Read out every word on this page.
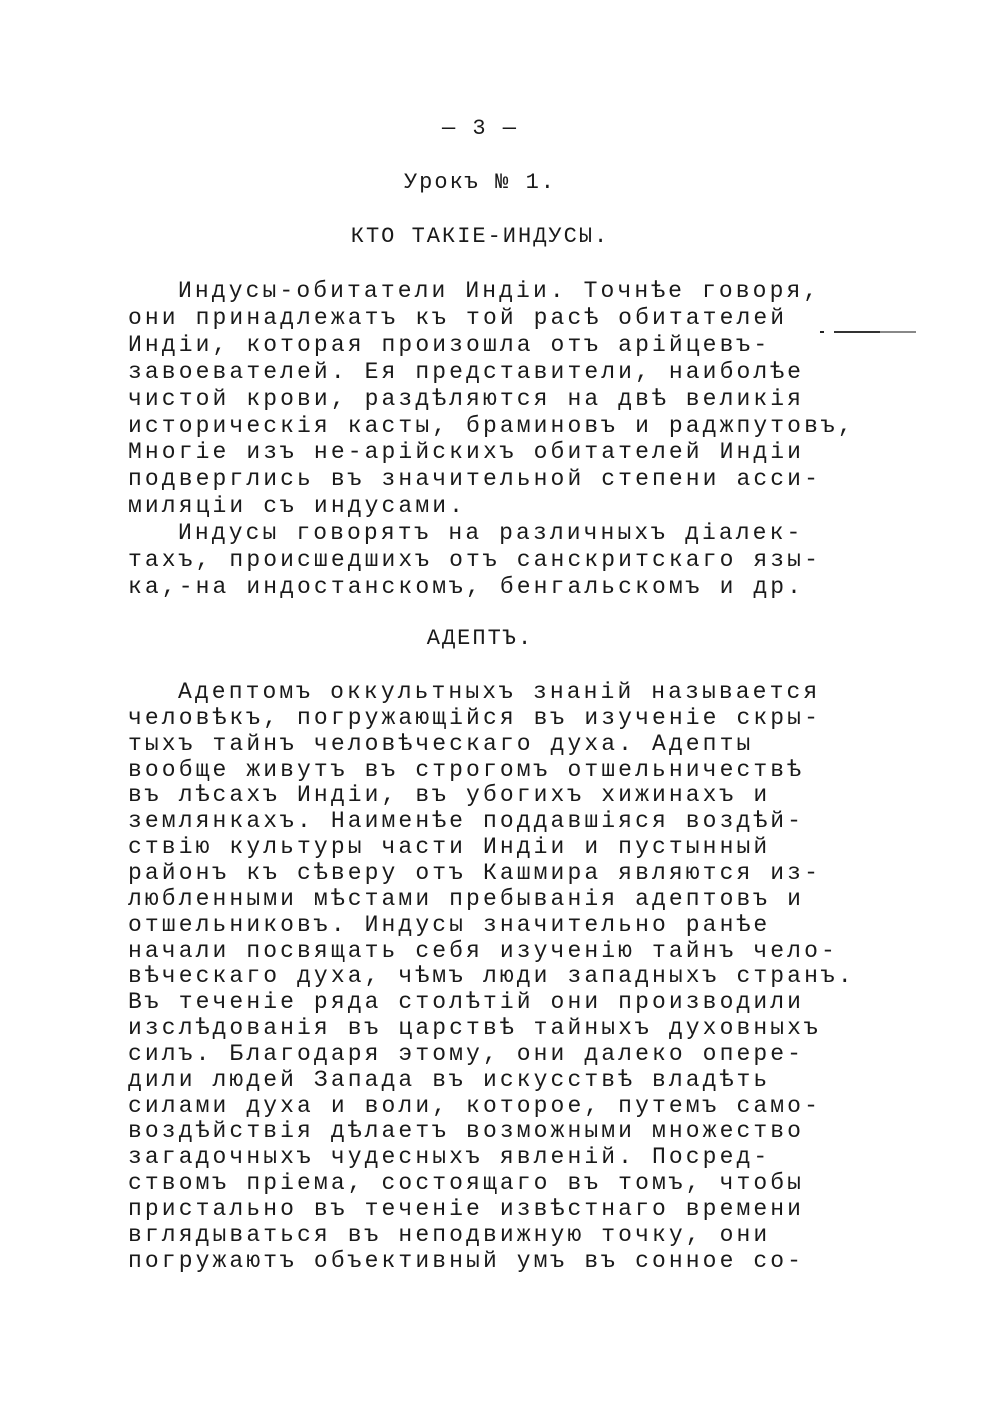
— 3 —
Урокъ № 1.
КТО ТАКІЕ-ИНДУСЫ.
Индусы-обитатели Индіи. Точнѣе говоря,
они принадлежатъ къ той расѣ обитателей
Индіи, которая произошла отъ арійцевъ-
завоевателей. Ея представители, наиболѣе
чистой крови, раздѣляются на двѣ великія
историческія касты, браминовъ и раджпутовъ,
Многіе изъ не-арійскихъ обитателей Индіи
подверглись въ значительной степени асси-
миляціи съ индусами.
Индусы говорятъ на различныхъ діалек-
тахъ, происшедшихъ отъ санскритскаго язы-
ка,-на индостанскомъ, бенгальскомъ и др.
АДЕПТЪ.
Адептомъ оккультныхъ знаній называется
человѣкъ, погружающійся въ изученіе скры-
тыхъ тайнъ человѣческаго духа. Адепты
вообще живутъ въ строгомъ отшельничествѣ
въ лѣсахъ Индіи, въ убогихъ хижинахъ и
землянкахъ. Наименѣе поддавшіяся воздѣй-
ствію культуры части Индіи и пустынный
районъ къ сѣверу отъ Кашмира являются из-
любленными мѣстами пребыванія адептовъ и
отшельниковъ. Индусы значительно ранѣе
начали посвящать себя изученію тайнъ чело-
вѣческаго духа, чѣмъ люди западныхъ странъ.
Въ теченіе ряда столѣтій они производили
изслѣдованія въ царствѣ тайныхъ духовныхъ
силъ. Благодаря этому, они далеко опере-
дили людей Запада въ искусствѣ владѣть
силами духа и воли, которое, путемъ само-
воздѣйствія дѣлаетъ возможными множество
загадочныхъ чудесныхъ явленій. Посред-
ствомъ пріема, состоящаго въ томъ, чтобы
пристально въ теченіе извѣстнаго времени
вглядываться въ неподвижную точку, они
погружаютъ объективный умъ въ сонное со-
